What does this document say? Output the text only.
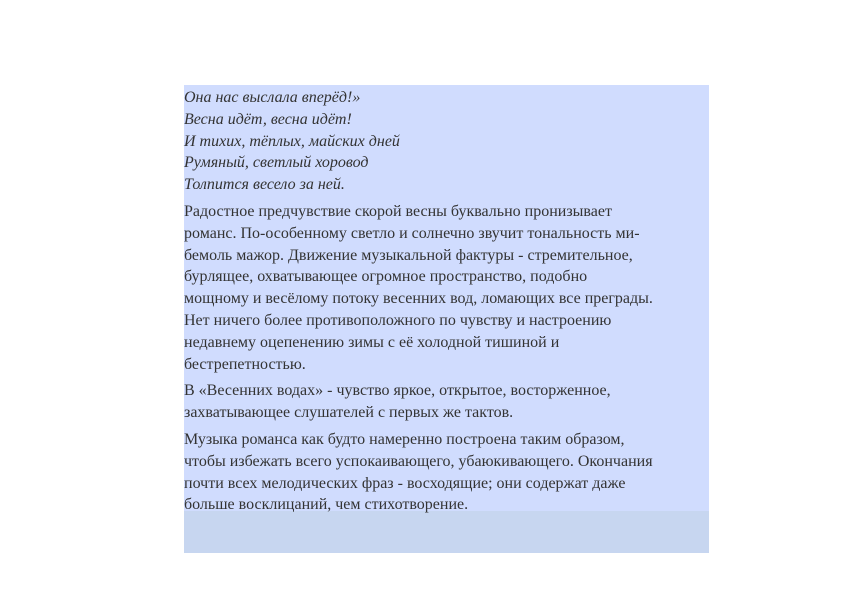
Она нас выслала вперёд!»
Весна идёт, весна идёт!
И тихих, тёплых, майских дней
Румяный, светлый хоровод
Толпится весело за ней.
Радостное предчувствие скорой весны буквально пронизывает
романс. По-особенному светло и солнечно звучит тональность ми-
бемоль мажор. Движение музыкальной фактуры - стремительное,
бурлящее, охватывающее огромное пространство, подобно
мощному и весёлому потоку весенних вод, ломающих все преграды.
Нет ничего более противоположного по чувству и настроению
недавнему оцепенению зимы с её холодной тишиной и
бестрепетностью.
В «Весенних водах» - чувство яркое, открытое, восторженное,
захватывающее слушателей с первых же тактов.
Музыка романса как будто намеренно построена таким образом,
чтобы избежать всего успокаивающего, убаюкивающего. Окончания
почти всех мелодических фраз - восходящие; они содержат даже
больше восклицаний, чем стихотворение.
